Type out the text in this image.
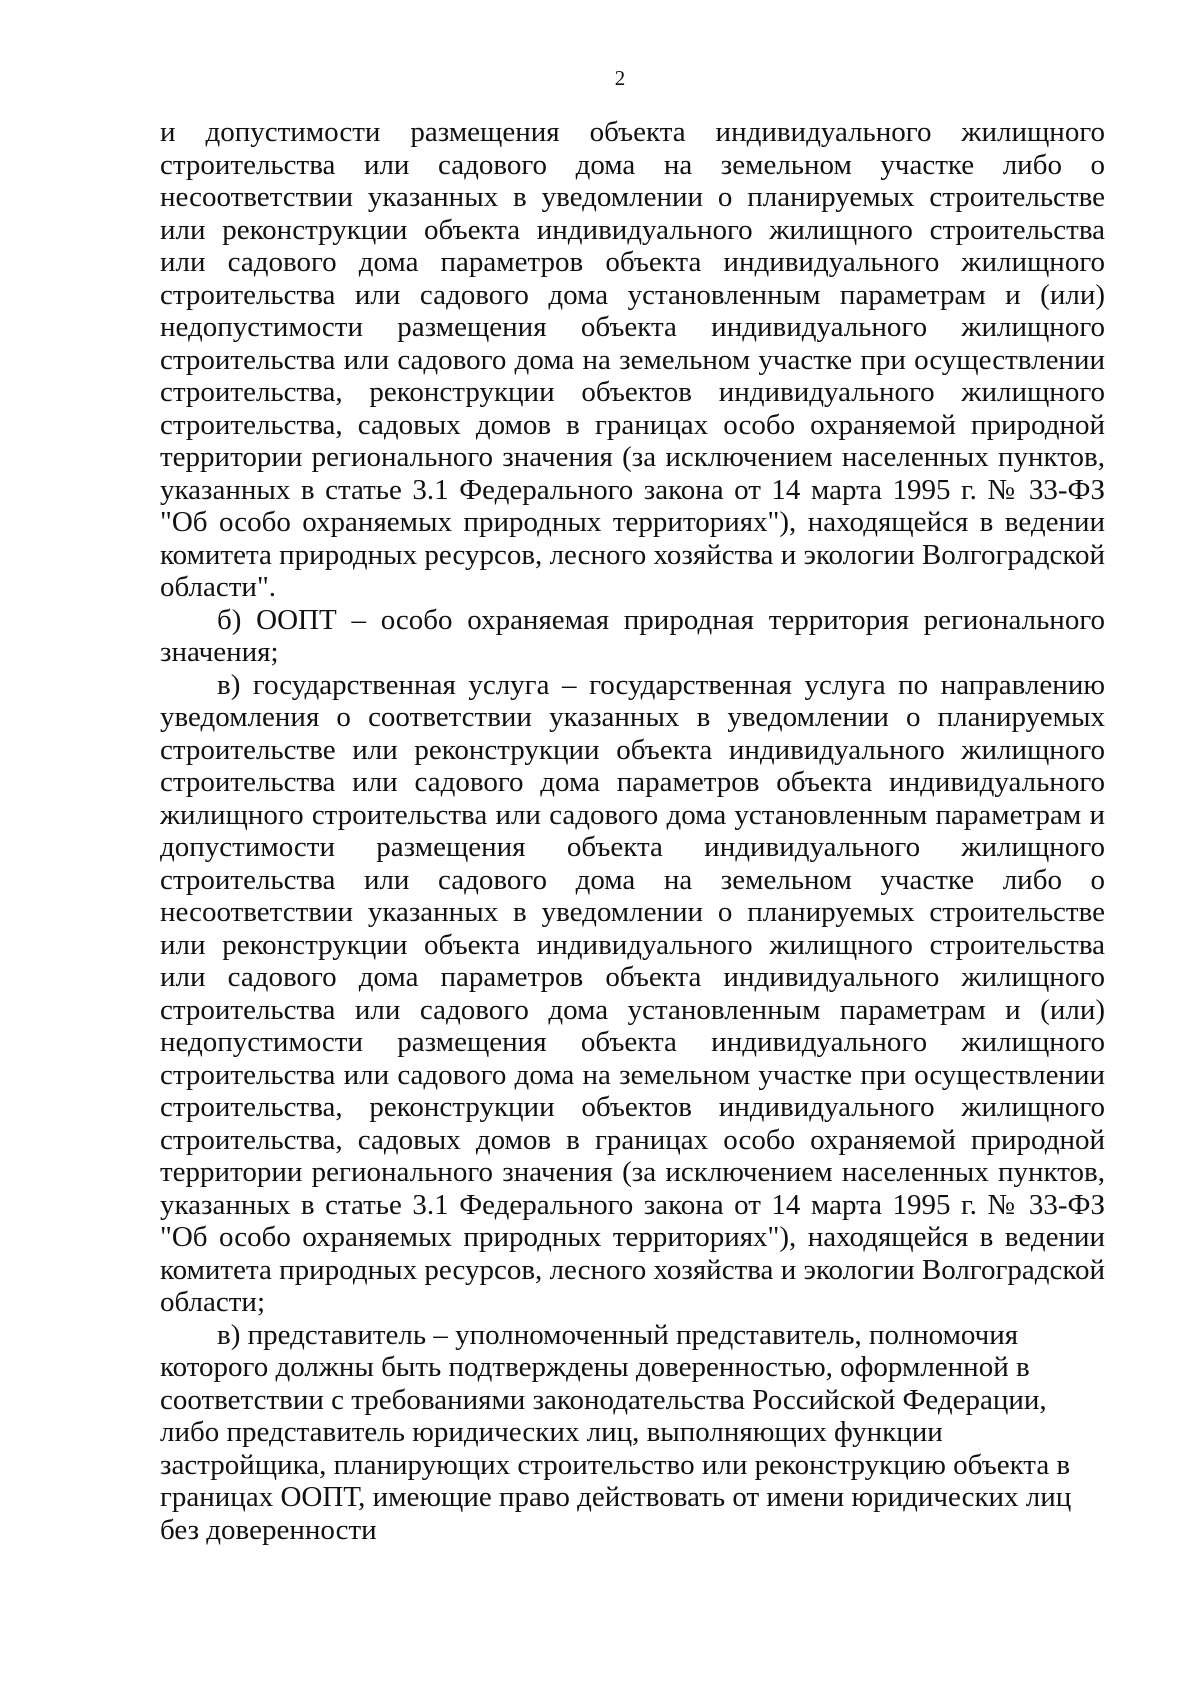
2

и допустимости размещения объекта индивидуального жилищного строительства или садового дома на земельном участке либо о несоответствии указанных в уведомлении о планируемых строительстве или реконструкции объекта индивидуального жилищного строительства или садового дома параметров объекта индивидуального жилищного строительства или садового дома установленным параметрам и (или) недопустимости размещения объекта индивидуального жилищного строительства или садового дома на земельном участке при осуществлении строительства, реконструкции объектов индивидуального жилищного строительства, садовых домов в границах особо охраняемой природной территории регионального значения (за исключением населенных пунктов, указанных в статье 3.1 Федерального закона от 14 марта 1995 г. № 33-ФЗ "Об особо охраняемых природных территориях"), находящейся в ведении комитета природных ресурсов, лесного хозяйства и экологии Волгоградской области".

б) ООПТ – особо охраняемая природная территория регионального значения;

в) государственная услуга – государственная услуга по направлению уведомления о соответствии указанных в уведомлении о планируемых строительстве или реконструкции объекта индивидуального жилищного строительства или садового дома параметров объекта индивидуального жилищного строительства или садового дома установленным параметрам и допустимости размещения объекта индивидуального жилищного строительства или садового дома на земельном участке либо о несоответствии указанных в уведомлении о планируемых строительстве или реконструкции объекта индивидуального жилищного строительства или садового дома параметров объекта индивидуального жилищного строительства или садового дома установленным параметрам и (или) недопустимости размещения объекта индивидуального жилищного строительства или садового дома на земельном участке при осуществлении строительства, реконструкции объектов индивидуального жилищного строительства, садовых домов в границах особо охраняемой природной территории регионального значения (за исключением населенных пунктов, указанных в статье 3.1 Федерального закона от 14 марта 1995 г. № 33-ФЗ "Об особо охраняемых природных территориях"), находящейся в ведении комитета природных ресурсов, лесного хозяйства и экологии Волгоградской области;

в) представитель – уполномоченный представитель, полномочия которого должны быть подтверждены доверенностью, оформленной в соответствии с требованиями законодательства Российской Федерации, либо представитель юридических лиц, выполняющих функции застройщика, планирующих строительство или реконструкцию объекта в границах ООПТ, имеющие право действовать от имени юридических лиц без доверенности
